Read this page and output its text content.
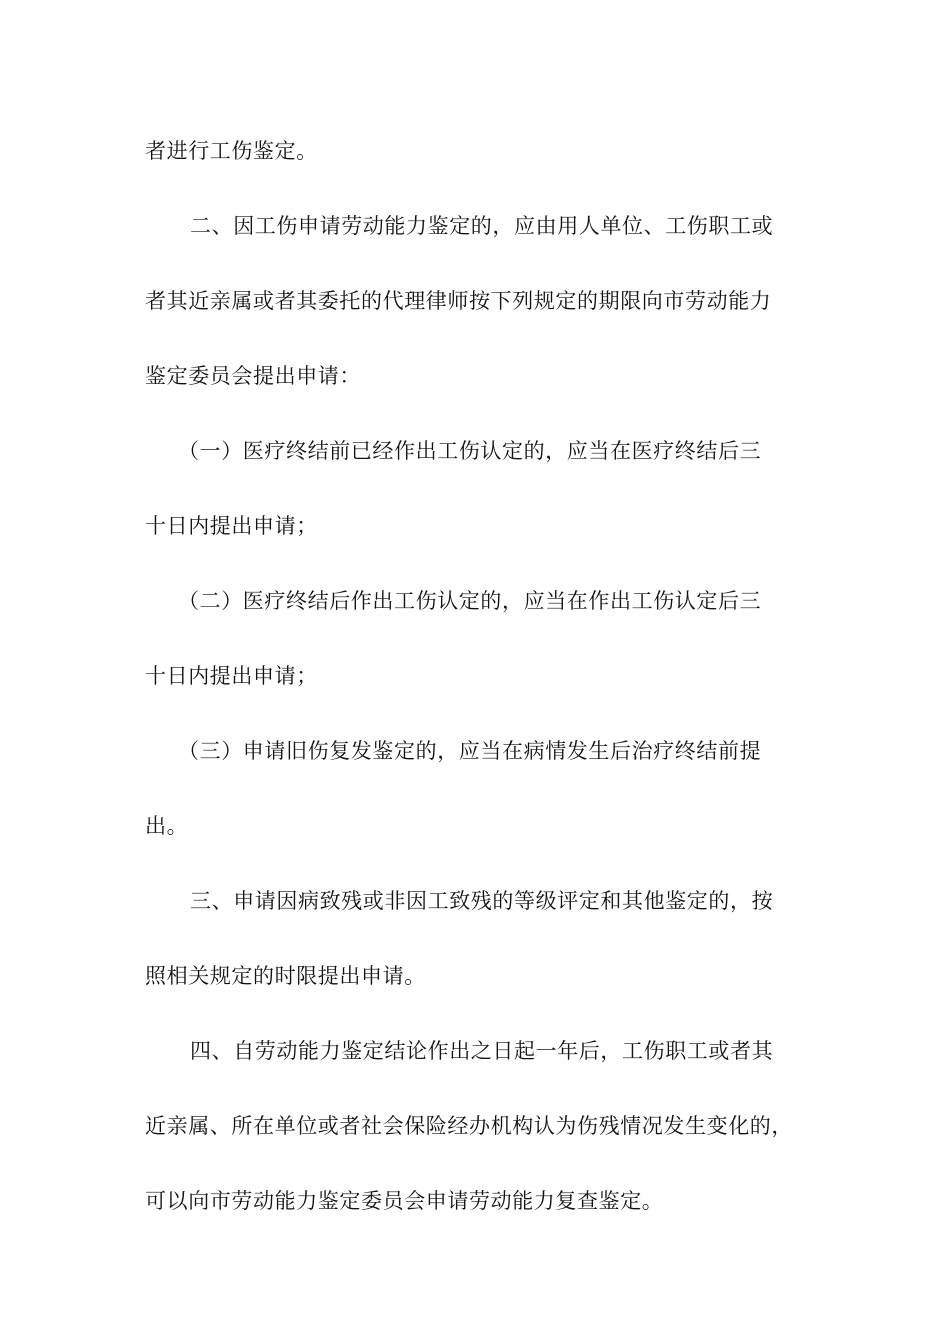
者进行工伤鉴定。
二、因工伤申请劳动能力鉴定的，应由用人单位、工伤职工或
者其近亲属或者其委托的代理律师按下列规定的期限向市劳动能力
鉴定委员会提出申请：
（一）医疗终结前已经作出工伤认定的，应当在医疗终结后三
十日内提出申请；
（二）医疗终结后作出工伤认定的，应当在作出工伤认定后三
十日内提出申请；
（三）申请旧伤复发鉴定的，应当在病情发生后治疗终结前提
出。
三、申请因病致残或非因工致残的等级评定和其他鉴定的，按
照相关规定的时限提出申请。
四、自劳动能力鉴定结论作出之日起一年后，工伤职工或者其
近亲属、所在单位或者社会保险经办机构认为伤残情况发生变化的，
可以向市劳动能力鉴定委员会申请劳动能力复查鉴定。
